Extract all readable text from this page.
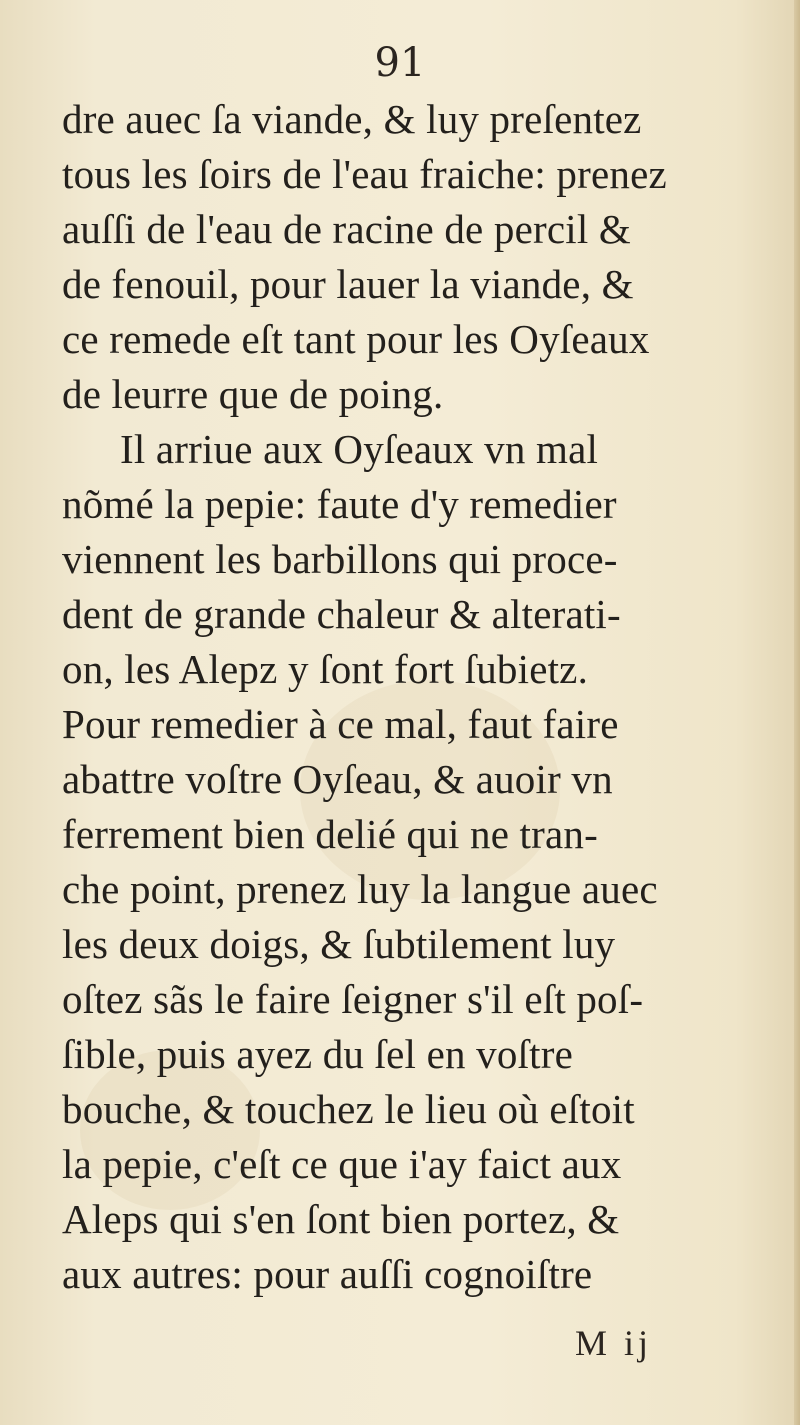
91
dre auec ſa viande, & luy preſentez
tous les ſoirs de l'eau fraiche: prenez
auſſi de l'eau de racine de percil &
de fenouil, pour lauer la viande, &
ce remede eſt tant pour les Oyſeaux
de leurre que de poing.
Il arriue aux Oyſeaux vn mal
nõmé la pepie: faute d'y remedier
viennent les barbillons qui proce-
dent de grande chaleur & alterati-
on, les Alepz y ſont fort ſubietz.
Pour remedier à ce mal, faut faire
abattre voſtre Oyſeau, & auoir vn
ferrement bien delié qui ne tran-
che point, prenez luy la langue auec
les deux doigs, & ſubtilement luy
oſtez sãs le faire ſeigner s'il eſt poſ-
ſible, puis ayez du ſel en voſtre
bouche, & touchez le lieu où eſtoit
la pepie, c'eſt ce que i'ay faict aux
Aleps qui s'en ſont bien portez, &
aux autres: pour auſſi cognoiſtre
M ij
